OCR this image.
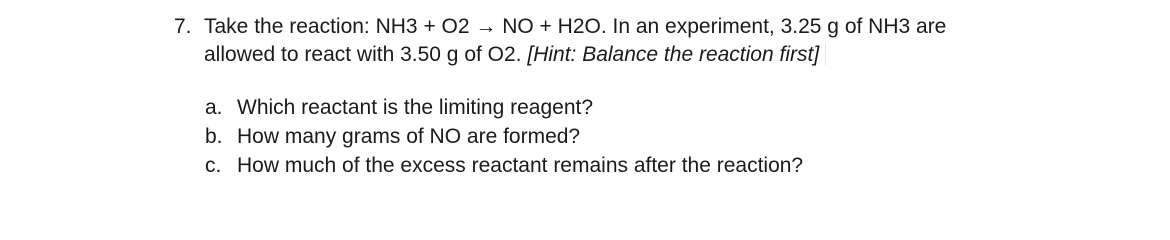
7. Take the reaction: NH3 + O2 → NO + H2O. In an experiment, 3.25 g of NH3 are
allowed to react with 3.50 g of O2. [Hint: Balance the reaction first]
a. Which reactant is the limiting reagent?
b. How many grams of NO are formed?
c. How much of the excess reactant remains after the reaction?
